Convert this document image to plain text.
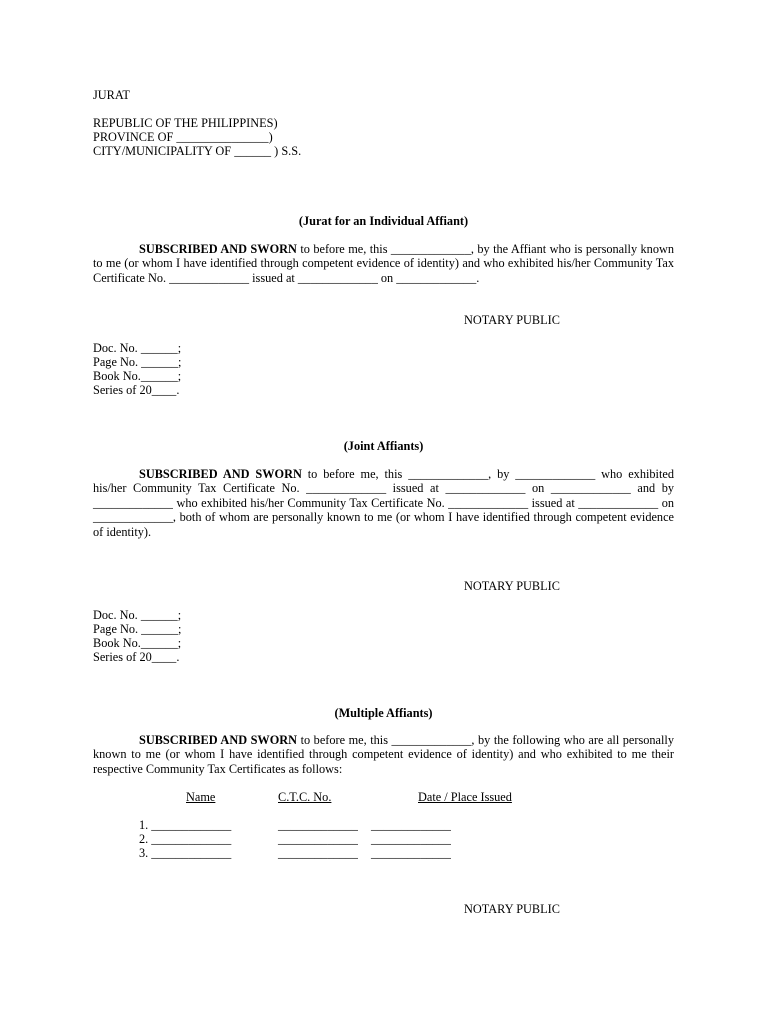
JURAT
REPUBLIC OF THE PHILIPPINES)
PROVINCE OF _______________)
CITY/MUNICIPALITY OF ______ ) S.S.
(Jurat for an Individual Affiant)
SUBSCRIBED AND SWORN to before me, this _____________, by the Affiant who is personally known to me (or whom I have identified through competent evidence of identity) and who exhibited his/her Community Tax Certificate No. _____________ issued at _____________ on _____________.
NOTARY PUBLIC
Doc. No. ______;
Page No. ______;
Book No.______;
Series of 20____.
(Joint Affiants)
SUBSCRIBED AND SWORN to before me, this _____________, by _____________ who exhibited his/her Community Tax Certificate No. _____________ issued at _____________ on _____________ and by _____________ who exhibited his/her Community Tax Certificate No. _____________ issued at _____________ on _____________, both of whom are personally known to me (or whom I have identified through competent evidence of identity).
NOTARY PUBLIC
Doc. No. ______;
Page No. ______;
Book No.______;
Series of 20____.
(Multiple Affiants)
SUBSCRIBED AND SWORN to before me, this _____________, by the following who are all personally known to me (or whom I have identified through competent evidence of identity) and who exhibited to me their respective Community Tax Certificates as follows:
Name	C.T.C. No.	Date / Place Issued
1. _____________	_____________ _____________
2. _____________	_____________ _____________
3. _____________	_____________ _____________
NOTARY PUBLIC
